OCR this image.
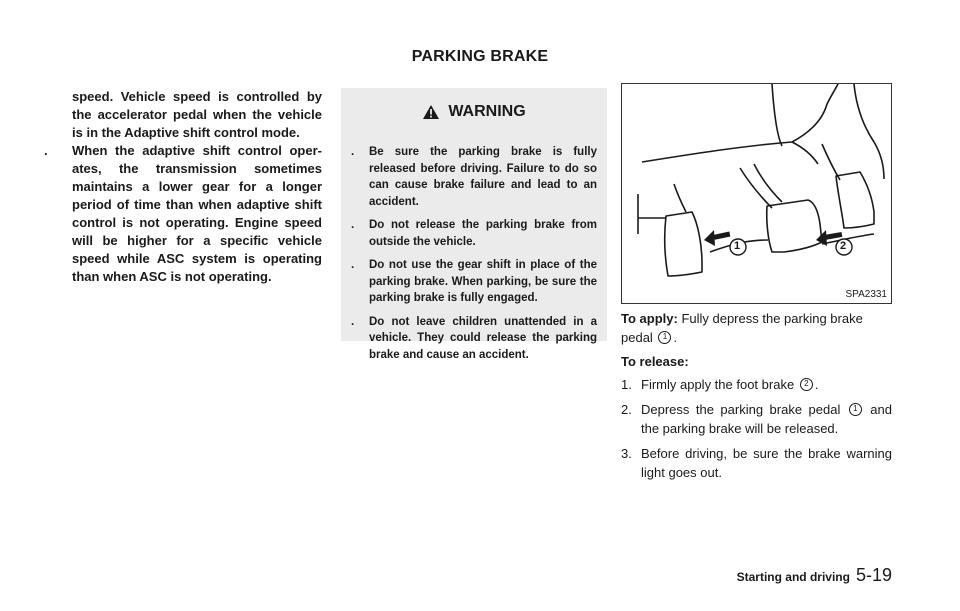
PARKING BRAKE

speed. Vehicle speed is controlled by the accelerator pedal when the vehicle is in the Adaptive shift control mode.

. When the adaptive shift control oper- ates, the transmission sometimes maintains a lower gear for a longer period of time than when adaptive shift control is not operating. Engine speed will be higher for a specific vehicle speed while ASC system is operating than when ASC is not operating.
WARNING
. Be sure the parking brake is fully released before driving. Failure to do so can cause brake failure and lead to an accident.
. Do not release the parking brake from outside the vehicle.
. Do not use the gear shift in place of the parking brake. When parking, be sure the parking brake is fully engaged.
. Do not leave children unattended in a vehicle. They could release the parking brake and cause an accident.
1	2
SPA2331

To apply: Fully depress the parking brake pedal 1 .

To release:

1. Firmly apply the foot brake 2 .
2. Depress the parking brake pedal 1 and the parking brake will be released.
3. Before driving, be sure the brake warning light goes out.
Starting and driving 5-19
